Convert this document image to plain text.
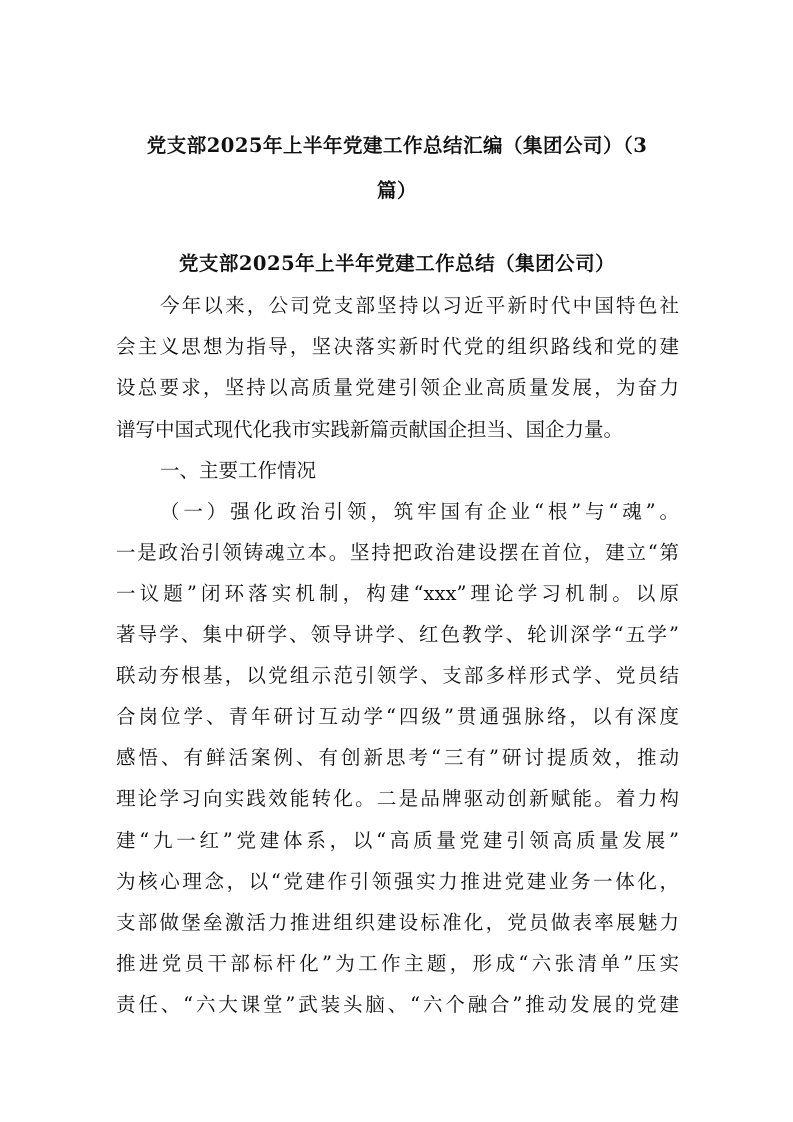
党支部2025年上半年党建工作总结汇编（集团公司）（3
篇）
党支部2025年上半年党建工作总结（集团公司）
今年以来，公司党支部坚持以习近平新时代中国特色社
会主义思想为指导，坚决落实新时代党的组织路线和党的建
设总要求，坚持以高质量党建引领企业高质量发展，为奋力
谱写中国式现代化我市实践新篇贡献国企担当、国企力量。
一、主要工作情况
（一）强化政治引领，筑牢国有企业“根”与“魂”。
一是政治引领铸魂立本。坚持把政治建设摆在首位，建立“第
一议题”闭环落实机制，构建“xxx”理论学习机制。以原
著导学、集中研学、领导讲学、红色教学、轮训深学“五学”
联动夯根基，以党组示范引领学、支部多样形式学、党员结
合岗位学、青年研讨互动学“四级”贯通强脉络，以有深度
感悟、有鲜活案例、有创新思考“三有”研讨提质效，推动
理论学习向实践效能转化。二是品牌驱动创新赋能。着力构
建“九一红”党建体系，以“高质量党建引领高质量发展”
为核心理念，以“党建作引领强实力推进党建业务一体化，
支部做堡垒激活力推进组织建设标准化，党员做表率展魅力
推进党员干部标杆化”为工作主题，形成“六张清单”压实
责任、“六大课堂”武装头脑、“六个融合”推动发展的党建
